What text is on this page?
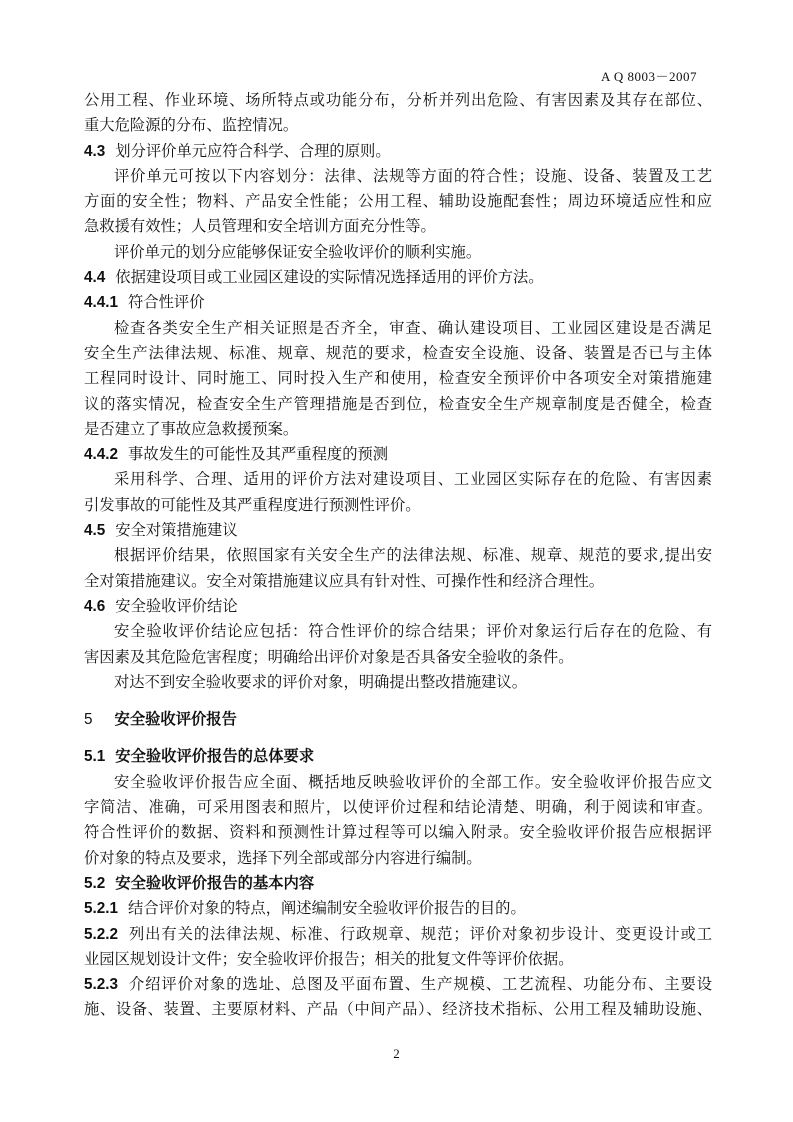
A Q 8003－2007
公用工程、作业环境、场所特点或功能分布，分析并列出危险、有害因素及其存在部位、
重大危险源的分布、监控情况。
4.3 划分评价单元应符合科学、合理的原则。
评价单元可按以下内容划分：法律、法规等方面的符合性；设施、设备、装置及工艺
方面的安全性；物料、产品安全性能；公用工程、辅助设施配套性；周边环境适应性和应
急救援有效性；人员管理和安全培训方面充分性等。
评价单元的划分应能够保证安全验收评价的顺利实施。
4.4 依据建设项目或工业园区建设的实际情况选择适用的评价方法。
4.4.1 符合性评价
检查各类安全生产相关证照是否齐全，审查、确认建设项目、工业园区建设是否满足
安全生产法律法规、标准、规章、规范的要求，检查安全设施、设备、装置是否已与主体
工程同时设计、同时施工、同时投入生产和使用，检查安全预评价中各项安全对策措施建
议的落实情况，检查安全生产管理措施是否到位，检查安全生产规章制度是否健全，检查
是否建立了事故应急救援预案。
4.4.2 事故发生的可能性及其严重程度的预测
采用科学、合理、适用的评价方法对建设项目、工业园区实际存在的危险、有害因素
引发事故的可能性及其严重程度进行预测性评价。
4.5 安全对策措施建议
根据评价结果，依照国家有关安全生产的法律法规、标准、规章、规范的要求,提出安
全对策措施建议。安全对策措施建议应具有针对性、可操作性和经济合理性。
4.6 安全验收评价结论
安全验收评价结论应包括：符合性评价的综合结果；评价对象运行后存在的危险、有
害因素及其危险危害程度；明确给出评价对象是否具备安全验收的条件。
对达不到安全验收要求的评价对象，明确提出整改措施建议。
5 安全验收评价报告
5.1 安全验收评价报告的总体要求
安全验收评价报告应全面、概括地反映验收评价的全部工作。安全验收评价报告应文
字简洁、准确，可采用图表和照片，以使评价过程和结论清楚、明确，利于阅读和审查。
符合性评价的数据、资料和预测性计算过程等可以编入附录。安全验收评价报告应根据评
价对象的特点及要求，选择下列全部或部分内容进行编制。
5.2 安全验收评价报告的基本内容
5.2.1 结合评价对象的特点，阐述编制安全验收评价报告的目的。
5.2.2 列出有关的法律法规、标准、行政规章、规范；评价对象初步设计、变更设计或工
业园区规划设计文件；安全验收评价报告；相关的批复文件等评价依据。
5.2.3 介绍评价对象的选址、总图及平面布置、生产规模、工艺流程、功能分布、主要设
施、设备、装置、主要原材料、产品（中间产品）、经济技术指标、公用工程及辅助设施、
2
